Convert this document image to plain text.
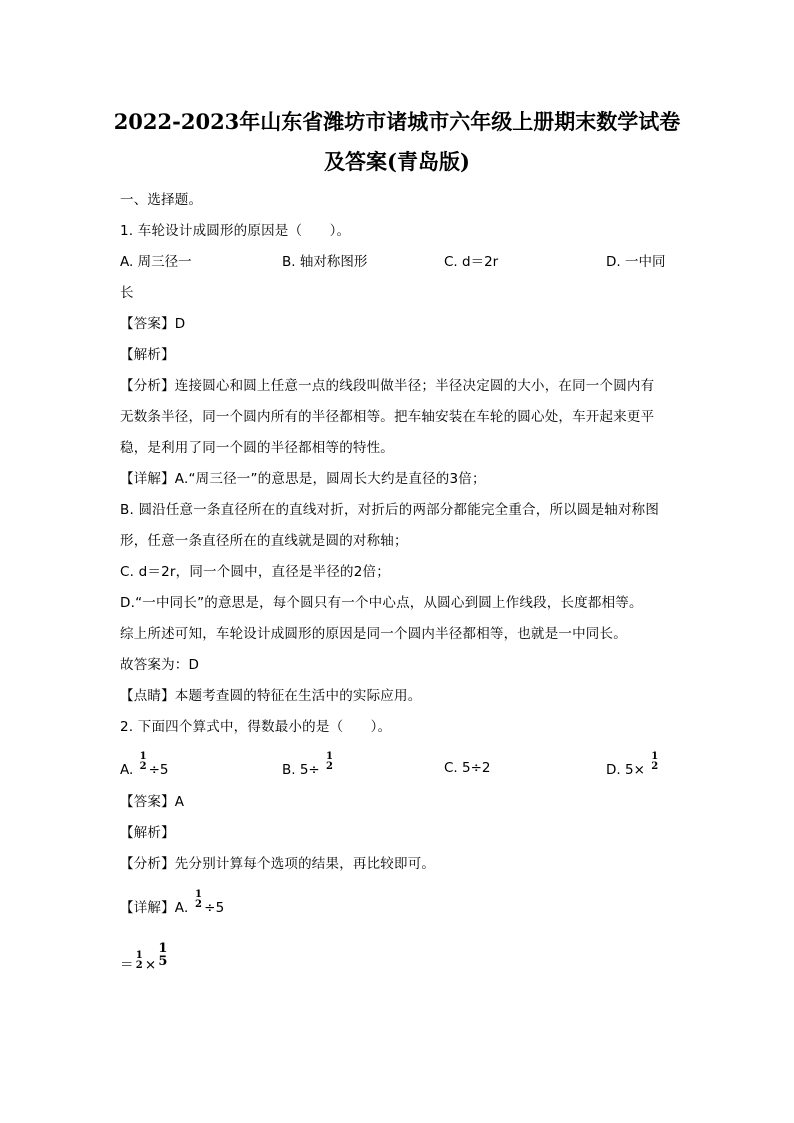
2022-2023年山东省潍坊市诸城市六年级上册期末数学试卷
及答案(青岛版)
一、选择题。
1. 车轮设计成圆形的原因是（　　）。
A. 周三径一	B. 轴对称图形	C. d＝2r	D. 一中同
长
【答案】D
【解析】
【分析】连接圆心和圆上任意一点的线段叫做半径；半径决定圆的大小，在同一个圆内有
无数条半径，同一个圆内所有的半径都相等。把车轴安装在车轮的圆心处，车开起来更平
稳，是利用了同一个圆的半径都相等的特性。
【详解】A.“周三径一”的意思是，圆周长大约是直径的3倍；
B. 圆沿任意一条直径所在的直线对折，对折后的两部分都能完全重合，所以圆是轴对称图
形，任意一条直径所在的直线就是圆的对称轴；
C. d＝2r，同一个圆中，直径是半径的2倍；
D.“一中同长”的意思是，每个圆只有一个中心点，从圆心到圆上作线段，长度都相等。
综上所述可知，车轮设计成圆形的原因是同一个圆内半径都相等，也就是一中同长。
故答案为：D
【点睛】本题考查圆的特征在生活中的实际应用。
2. 下面四个算式中，得数最小的是（　　）。
A.
1
2 ÷5	B. 5÷
1
2	C. 5÷2	D. 5×
1
2
【答案】A
【解析】
【分析】先分别计算每个选项的结果，再比较即可。
【详解】A.
1
2 ÷5
＝
1
2 ×
1
5
